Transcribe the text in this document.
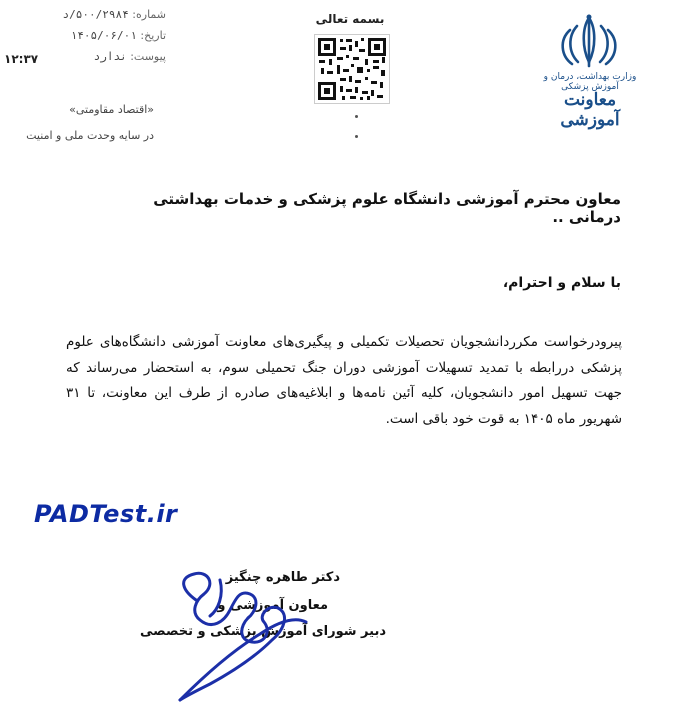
شماره: ۵۰۰/۲۹۸۴/د
تاریخ: ۱۴۰۵/۰۶/۰۱
پیوست: ندارد
۱۲:۳۷
«اقتصاد مقاومتی»
در سایه وحدت ملی و امنیت
بسمه تعالی
وزارت بهداشت، درمان و آموزش پزشکی
معاونت آموزشی
معاون محترم آموزشی دانشگاه علوم پزشکی و خدمات بهداشتی درمانی ..
با سلام و احترام،
پیرودرخواست مکرردانشجویان تحصیلات تکمیلی و پیگیری‌های معاونت آموزشی دانشگاه‌های علوم پزشکی دررابطه با تمدید تسهیلات آموزشی دوران جنگ تحمیلی سوم، به استحضار می‌رساند که جهت تسهیل امور دانشجویان، کلیه آئین نامه‌ها و ابلاغیه‌های صادره از طرف این معاونت، تا ۳۱ شهریور ماه ۱۴۰۵ به قوت خود باقی است.
PADTest.ir
دکتر طاهره چنگیز
معاون آموزشی و
دبیر شورای آموزش پزشکی و تخصصی
